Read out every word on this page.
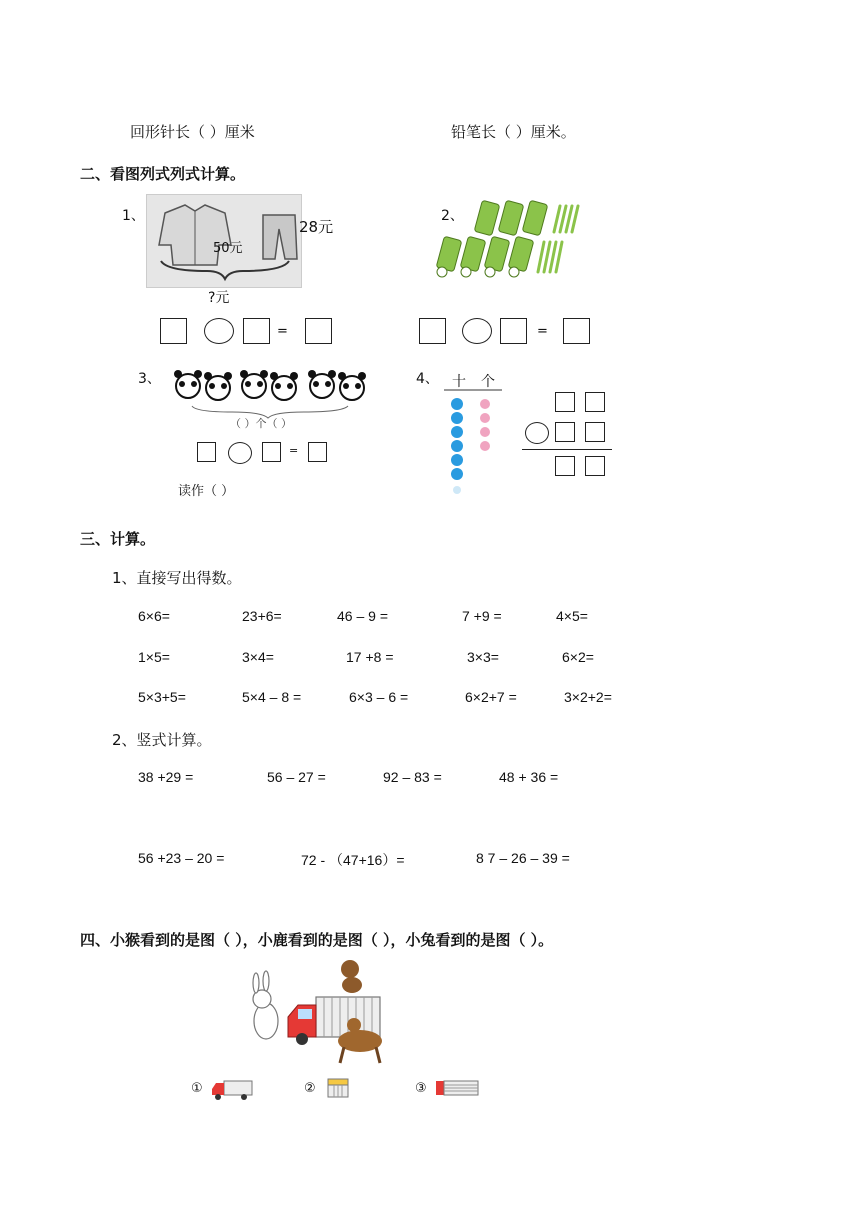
回形针长（ ）厘米	铅笔长（ ）厘米。
二、看图列式列式计算。
1、
50元
28元
?元
=
2、
=
3、
（ ）个（ ）
=
读作（ ）
4、 十 个
三、计算。
1、直接写出得数。
6×6=	23+6=	46 – 9 =	7 +9 =	4×5=
1×5=	3×4=	17 +8 =	3×3=	6×2=
5×3+5=	5×4 – 8 =	6×3 – 6 =	6×2+7 =	3×2+2=
2、竖式计算。
38 +29 =	56 – 27 =	92 – 83 =	48 + 36 =
56 +23 – 20 =	72 - （47+16）=	8 7 – 26 – 39 =
四、小猴看到的是图（ ），小鹿看到的是图（ ），小兔看到的是图（ ）。
①	②	③
